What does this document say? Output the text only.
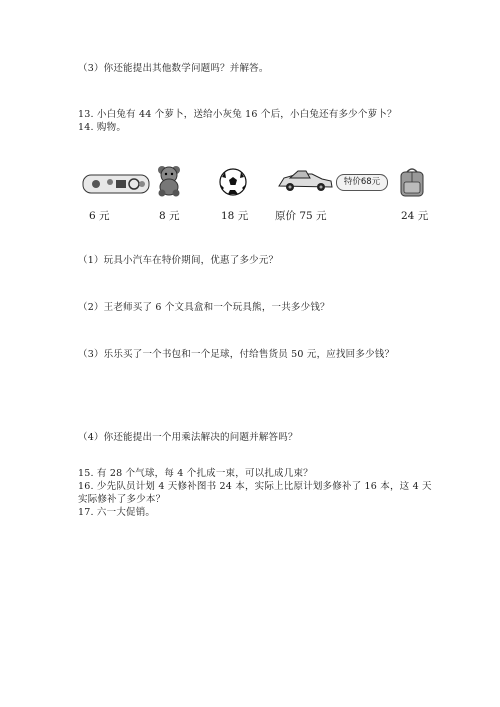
（3）你还能提出其他数学问题吗？并解答。
13. 小白兔有 44 个萝卜，送给小灰兔 16 个后，小白兔还有多少个萝卜？
14. 购物。
特价68元
6 元	8 元	18 元	原价 75 元	24 元
（1）玩具小汽车在特价期间，优惠了多少元？
（2）王老师买了 6 个文具盒和一个玩具熊，一共多少钱？
（3）乐乐买了一个书包和一个足球，付给售货员 50 元，应找回多少钱？
（4）你还能提出一个用乘法解决的问题并解答吗？
15. 有 28 个气球，每 4 个扎成一束，可以扎成几束？
16. 少先队员计划 4 天修补图书 24 本，实际上比原计划多修补了 16 本，这 4 天
实际修补了多少本？
17. 六一大促销。
